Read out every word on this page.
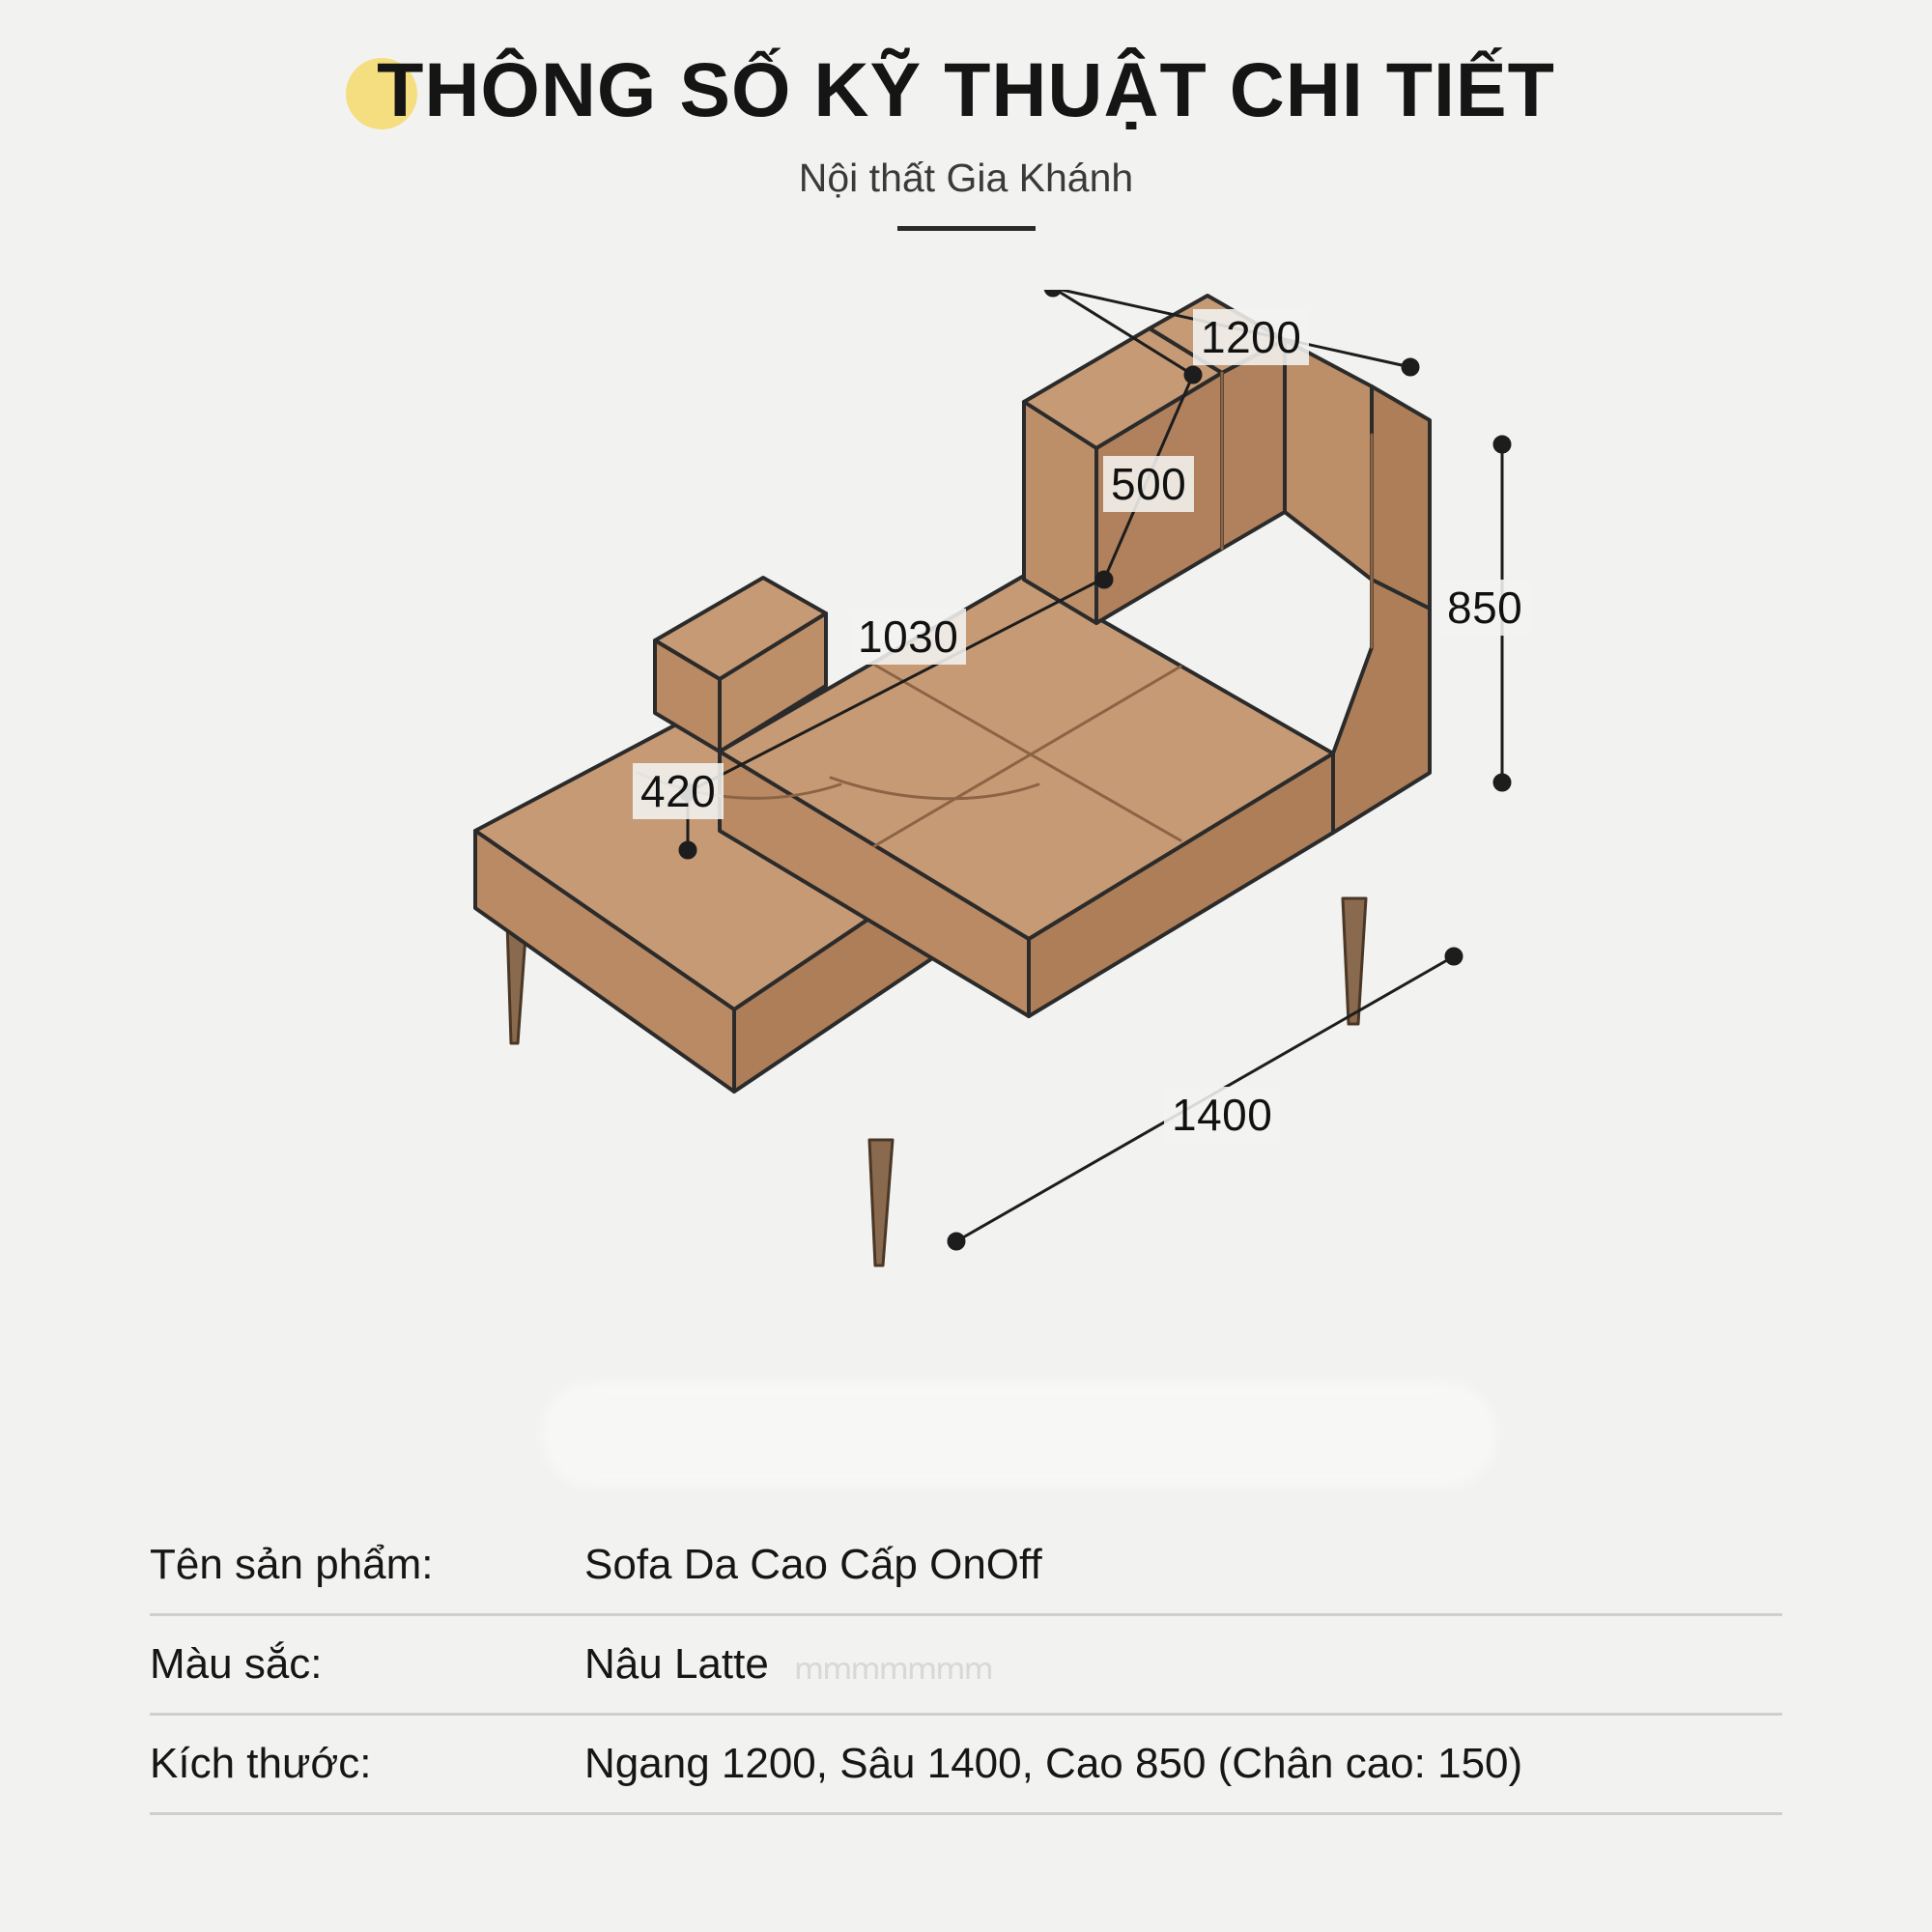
THÔNG SỐ KỸ THUẬT CHI TIẾT
Nội thất Gia Khánh
1200
500
1030
850
420
1400
Tên sản phẩm:	Sofa Da Cao Cấp OnOff
Màu sắc:	Nâu Latte ՠՠՠՠՠՠՠ
Kích thước:	Ngang 1200, Sâu 1400, Cao 850 (Chân cao: 150)
